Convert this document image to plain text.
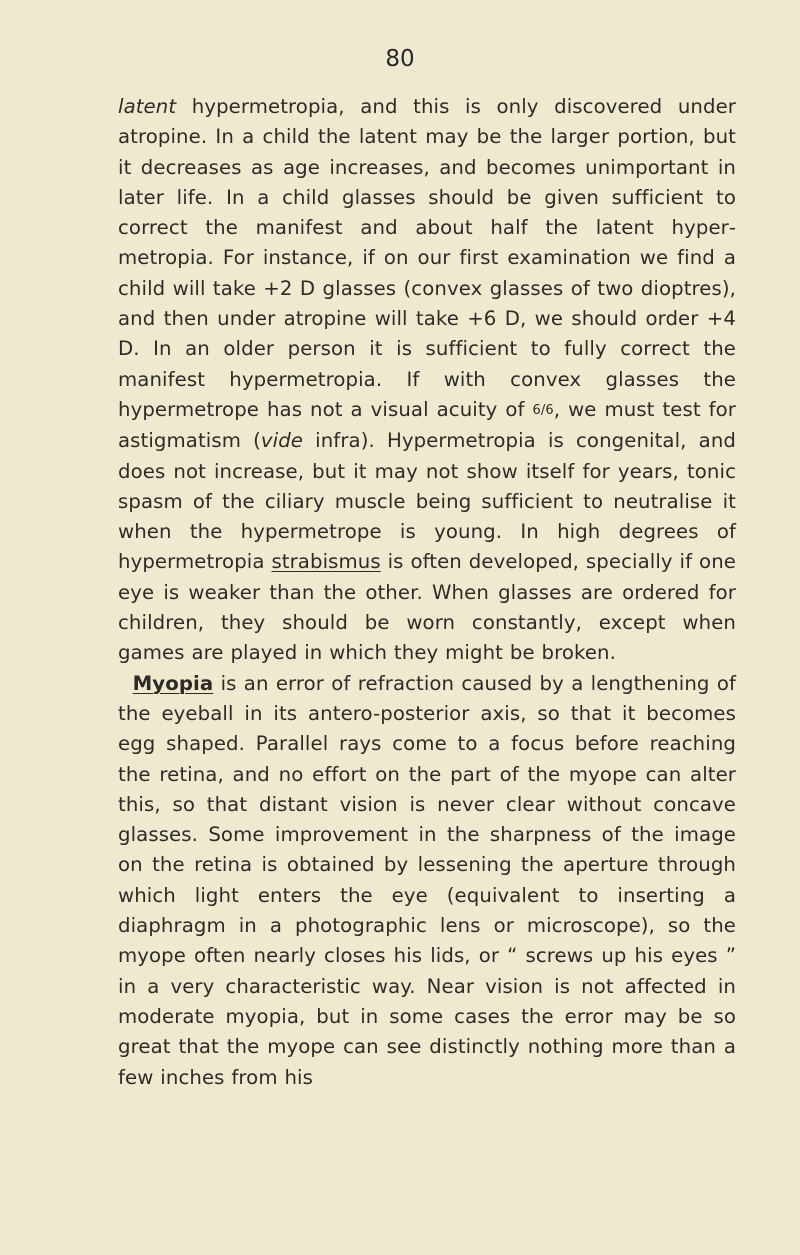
80

latent hypermetropia, and this is only discovered under atropine. In a child the latent may be the larger portion, but it decreases as age increases, and becomes unimportant in later life. In a child glasses should be given sufficient to correct the manifest and about half the latent hypermetropia. For instance, if on our first examination we find a child will take +2 D glasses (convex glasses of two dioptres), and then under atropine will take +6 D, we should order +4 D. In an older person it is sufficient to fully correct the manifest hypermetropia. If with convex glasses the hypermetrope has not a visual acuity of 6/6, we must test for astigmatism (vide infra). Hypermetropia is congenital, and does not increase, but it may not show itself for years, tonic spasm of the ciliary muscle being sufficient to neutralise it when the hypermetrope is young. In high degrees of hypermetropia strabismus is often developed, specially if one eye is weaker than the other. When glasses are ordered for children, they should be worn constantly, except when games are played in which they might be broken.

Myopia is an error of refraction caused by a lengthening of the eyeball in its antero-posterior axis, so that it becomes egg shaped. Parallel rays come to a focus before reaching the retina, and no effort on the part of the myope can alter this, so that distant vision is never clear without concave glasses. Some improvement in the sharpness of the image on the retina is obtained by lessening the aperture through which light enters the eye (equivalent to inserting a diaphragm in a photographic lens or microscope), so the myope often nearly closes his lids, or “ screws up his eyes ” in a very characteristic way. Near vision is not affected in moderate myopia, but in some cases the error may be so great that the myope can see distinctly nothing more than a few inches from his
